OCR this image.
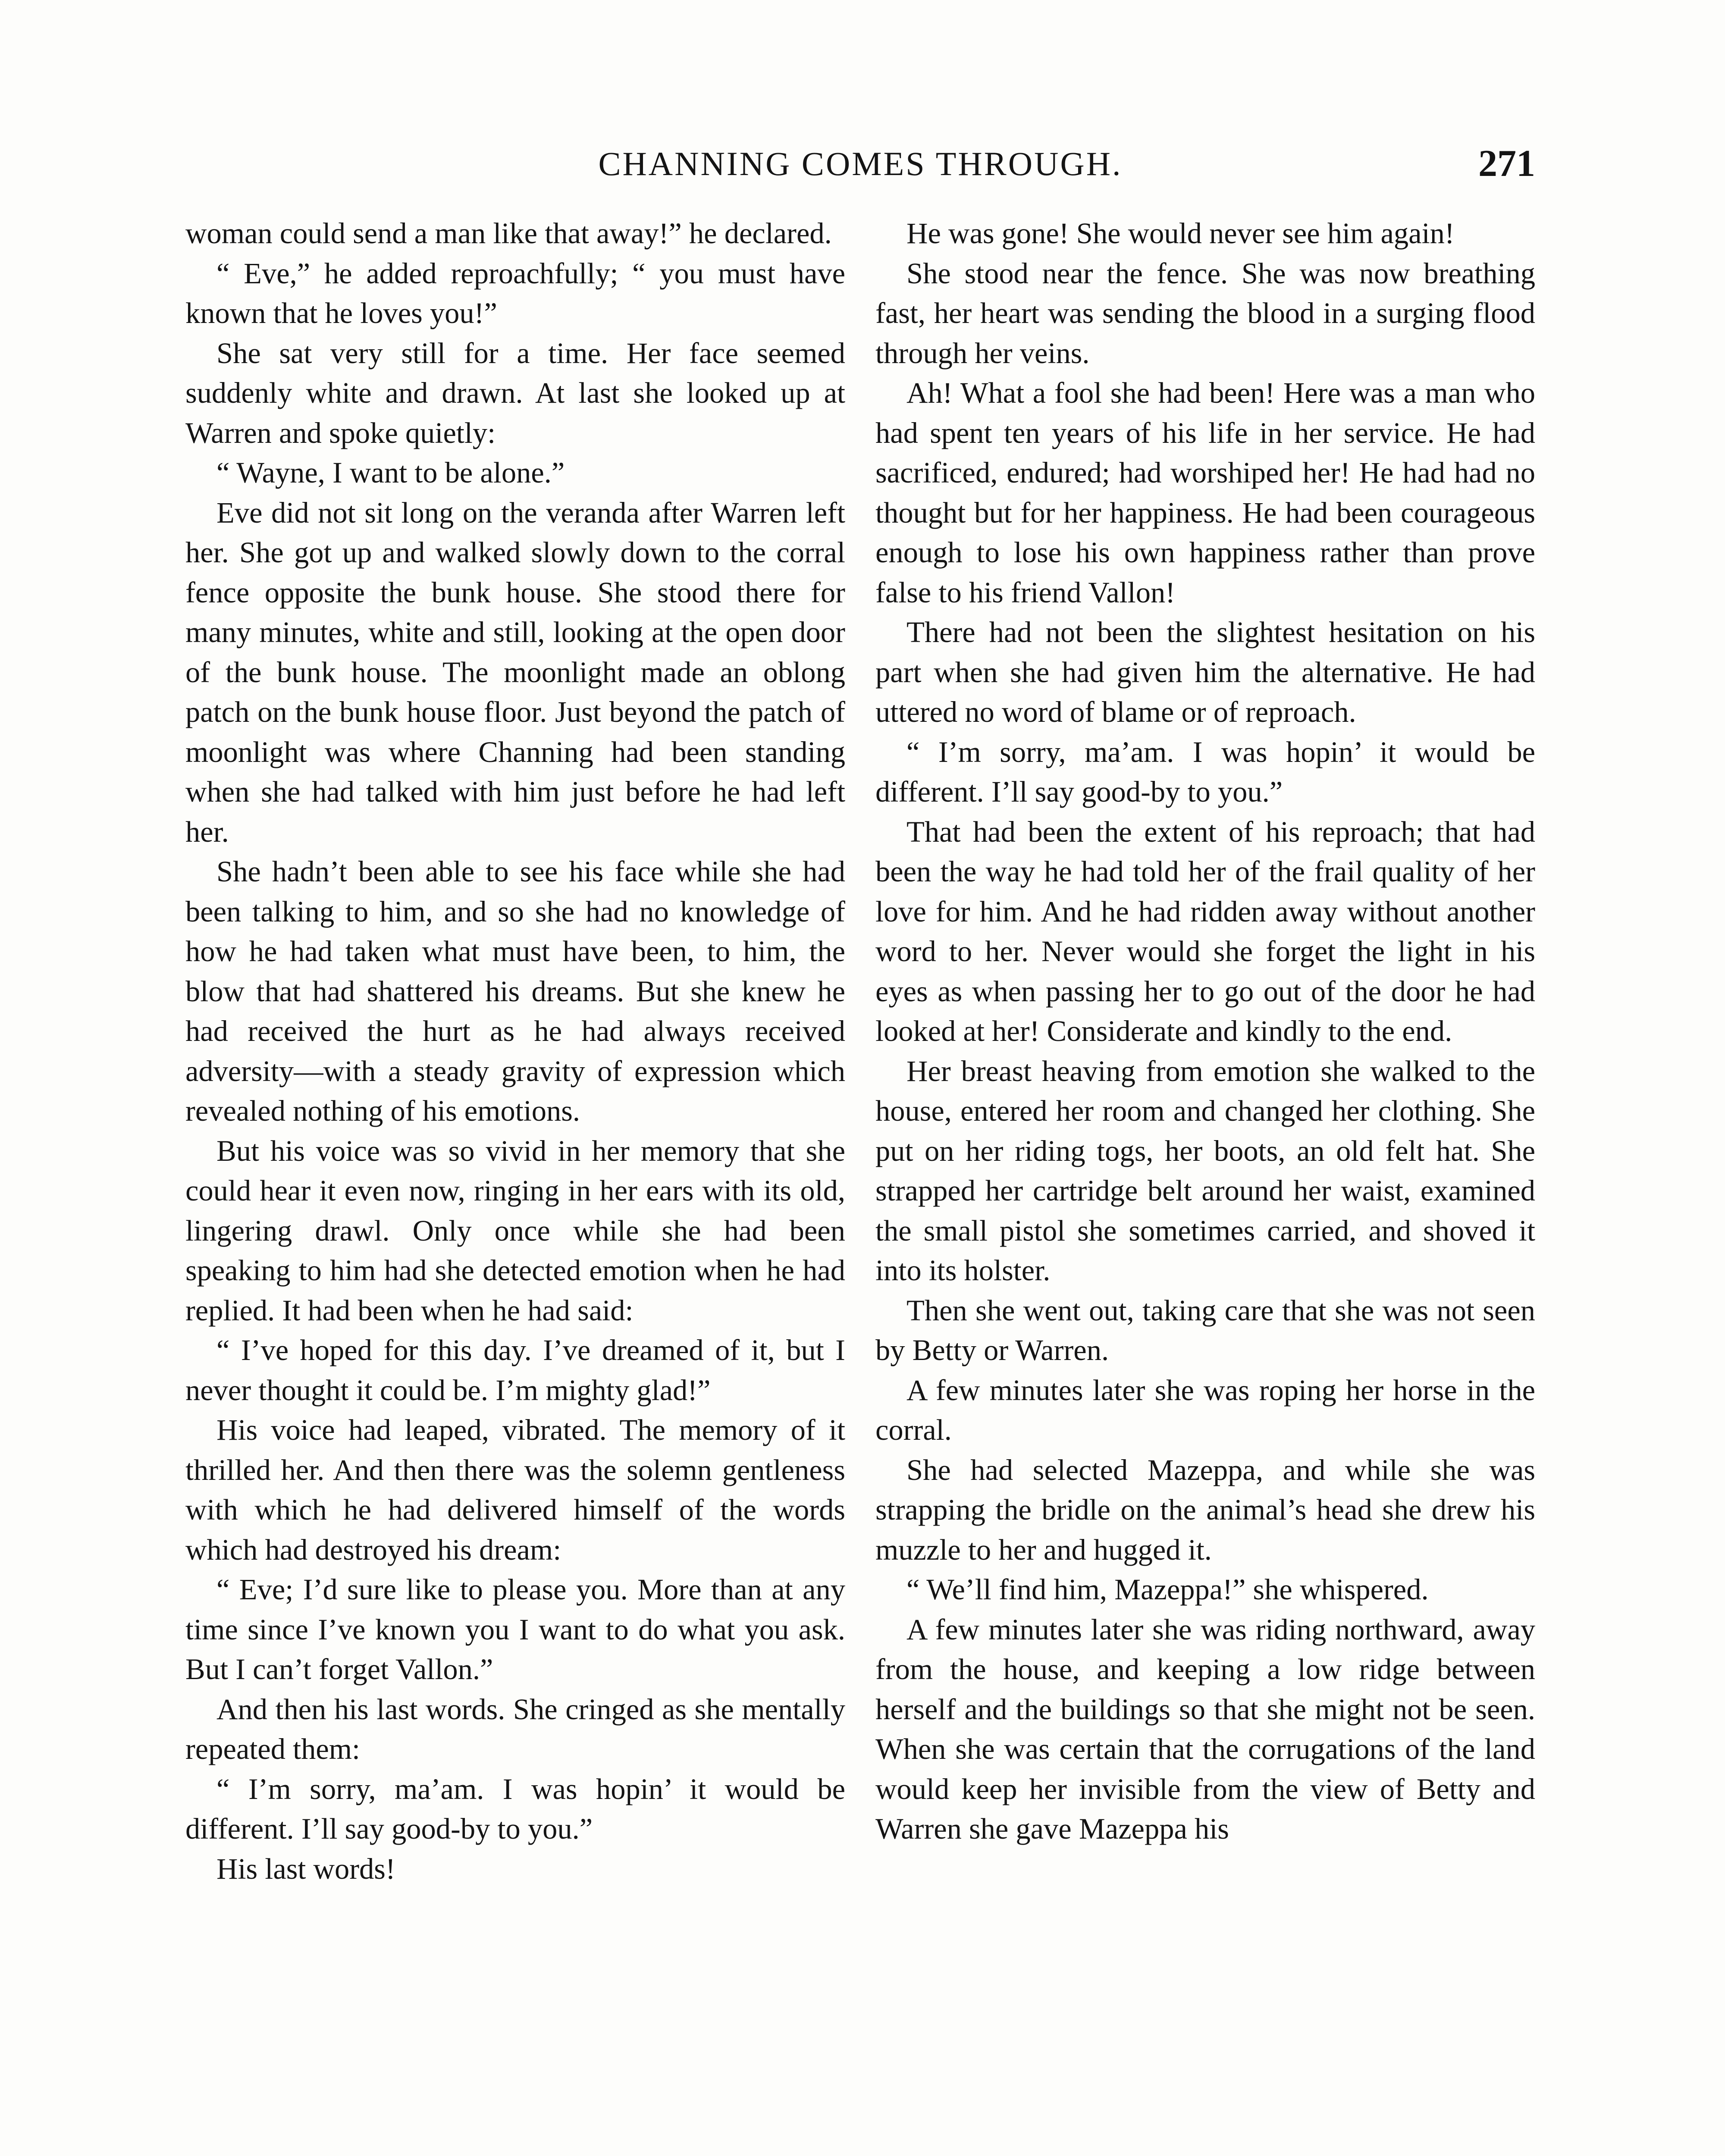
CHANNING COMES THROUGH.	271

woman could send a man like that away!” he declared.

“ Eve,” he added reproachfully; “ you must have known that he loves you!”

She sat very still for a time. Her face seemed suddenly white and drawn. At last she looked up at Warren and spoke quietly:

“ Wayne, I want to be alone.”

Eve did not sit long on the veranda after Warren left her. She got up and walked slowly down to the corral fence opposite the bunk house. She stood there for many minutes, white and still, looking at the open door of the bunk house. The moonlight made an oblong patch on the bunk house floor. Just beyond the patch of moonlight was where Channing had been standing when she had talked with him just before he had left her.

She hadn’t been able to see his face while she had been talking to him, and so she had no knowledge of how he had taken what must have been, to him, the blow that had shattered his dreams. But she knew he had received the hurt as he had always received adversity—with a steady gravity of expression which revealed nothing of his emotions.

But his voice was so vivid in her memory that she could hear it even now, ringing in her ears with its old, lingering drawl. Only once while she had been speaking to him had she detected emotion when he had replied. It had been when he had said:

“ I’ve hoped for this day. I’ve dreamed of it, but I never thought it could be. I’m mighty glad!”

His voice had leaped, vibrated. The memory of it thrilled her. And then there was the solemn gentleness with which he had delivered himself of the words which had destroyed his dream:

“ Eve; I’d sure like to please you. More than at any time since I’ve known you I want to do what you ask. But I can’t forget Vallon.”

And then his last words. She cringed as she mentally repeated them:

“ I’m sorry, ma’am. I was hopin’ it would be different. I’ll say good-by to you.”

His last words!

He was gone! She would never see him again!

She stood near the fence. She was now breathing fast, her heart was sending the blood in a surging flood through her veins.

Ah! What a fool she had been! Here was a man who had spent ten years of his life in her service. He had sacrificed, endured; had worshiped her! He had had no thought but for her happiness. He had been courageous enough to lose his own happiness rather than prove false to his friend Vallon!

There had not been the slightest hesitation on his part when she had given him the alternative. He had uttered no word of blame or of reproach.

“ I’m sorry, ma’am. I was hopin’ it would be different. I’ll say good-by to you.”

That had been the extent of his reproach; that had been the way he had told her of the frail quality of her love for him. And he had ridden away without another word to her. Never would she forget the light in his eyes as when passing her to go out of the door he had looked at her! Considerate and kindly to the end.

Her breast heaving from emotion she walked to the house, entered her room and changed her clothing. She put on her riding togs, her boots, an old felt hat. She strapped her cartridge belt around her waist, examined the small pistol she sometimes carried, and shoved it into its holster.

Then she went out, taking care that she was not seen by Betty or Warren.

A few minutes later she was roping her horse in the corral.

She had selected Mazeppa, and while she was strapping the bridle on the animal’s head she drew his muzzle to her and hugged it.

“ We’ll find him, Mazeppa!” she whispered.

A few minutes later she was riding northward, away from the house, and keeping a low ridge between herself and the buildings so that she might not be seen. When she was certain that the corrugations of the land would keep her invisible from the view of Betty and Warren she gave Mazeppa his
